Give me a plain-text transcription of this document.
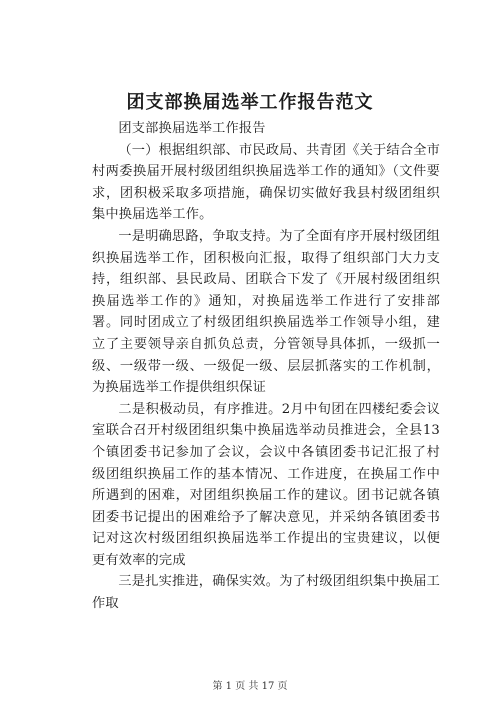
团支部换届选举工作报告范文

团支部换届选举工作报告

（一）根据组织部、市民政局、共青团《关于结合全市村两委换届开展村级团组织换届选举工作的通知》（文件要求，团积极采取多项措施，确保切实做好我县村级团组织集中换届选举工作。

一是明确思路，争取支持。为了全面有序开展村级团组织换届选举工作，团积极向汇报，取得了组织部门大力支持，组织部、县民政局、团联合下发了《开展村级团组织换届选举工作的》通知，对换届选举工作进行了安排部署。同时团成立了村级团组织换届选举工作领导小组，建立了主要领导亲自抓负总责，分管领导具体抓，一级抓一级、一级带一级、一级促一级、层层抓落实的工作机制，为换届选举工作提供组织保证

二是积极动员，有序推进。2月中旬团在四楼纪委会议室联合召开村级团组织集中换届选举动员推进会，全县13个镇团委书记参加了会议，会议中各镇团委书记汇报了村级团组织换届工作的基本情况、工作进度，在换届工作中所遇到的困难，对团组织换届工作的建议。团书记就各镇团委书记提出的困难给予了解决意见，并采纳各镇团委书记对这次村级团组织换届选举工作提出的宝贵建议，以便更有效率的完成

三是扎实推进，确保实效。为了村级团组织集中换届工作取

第 1 页 共 17 页
